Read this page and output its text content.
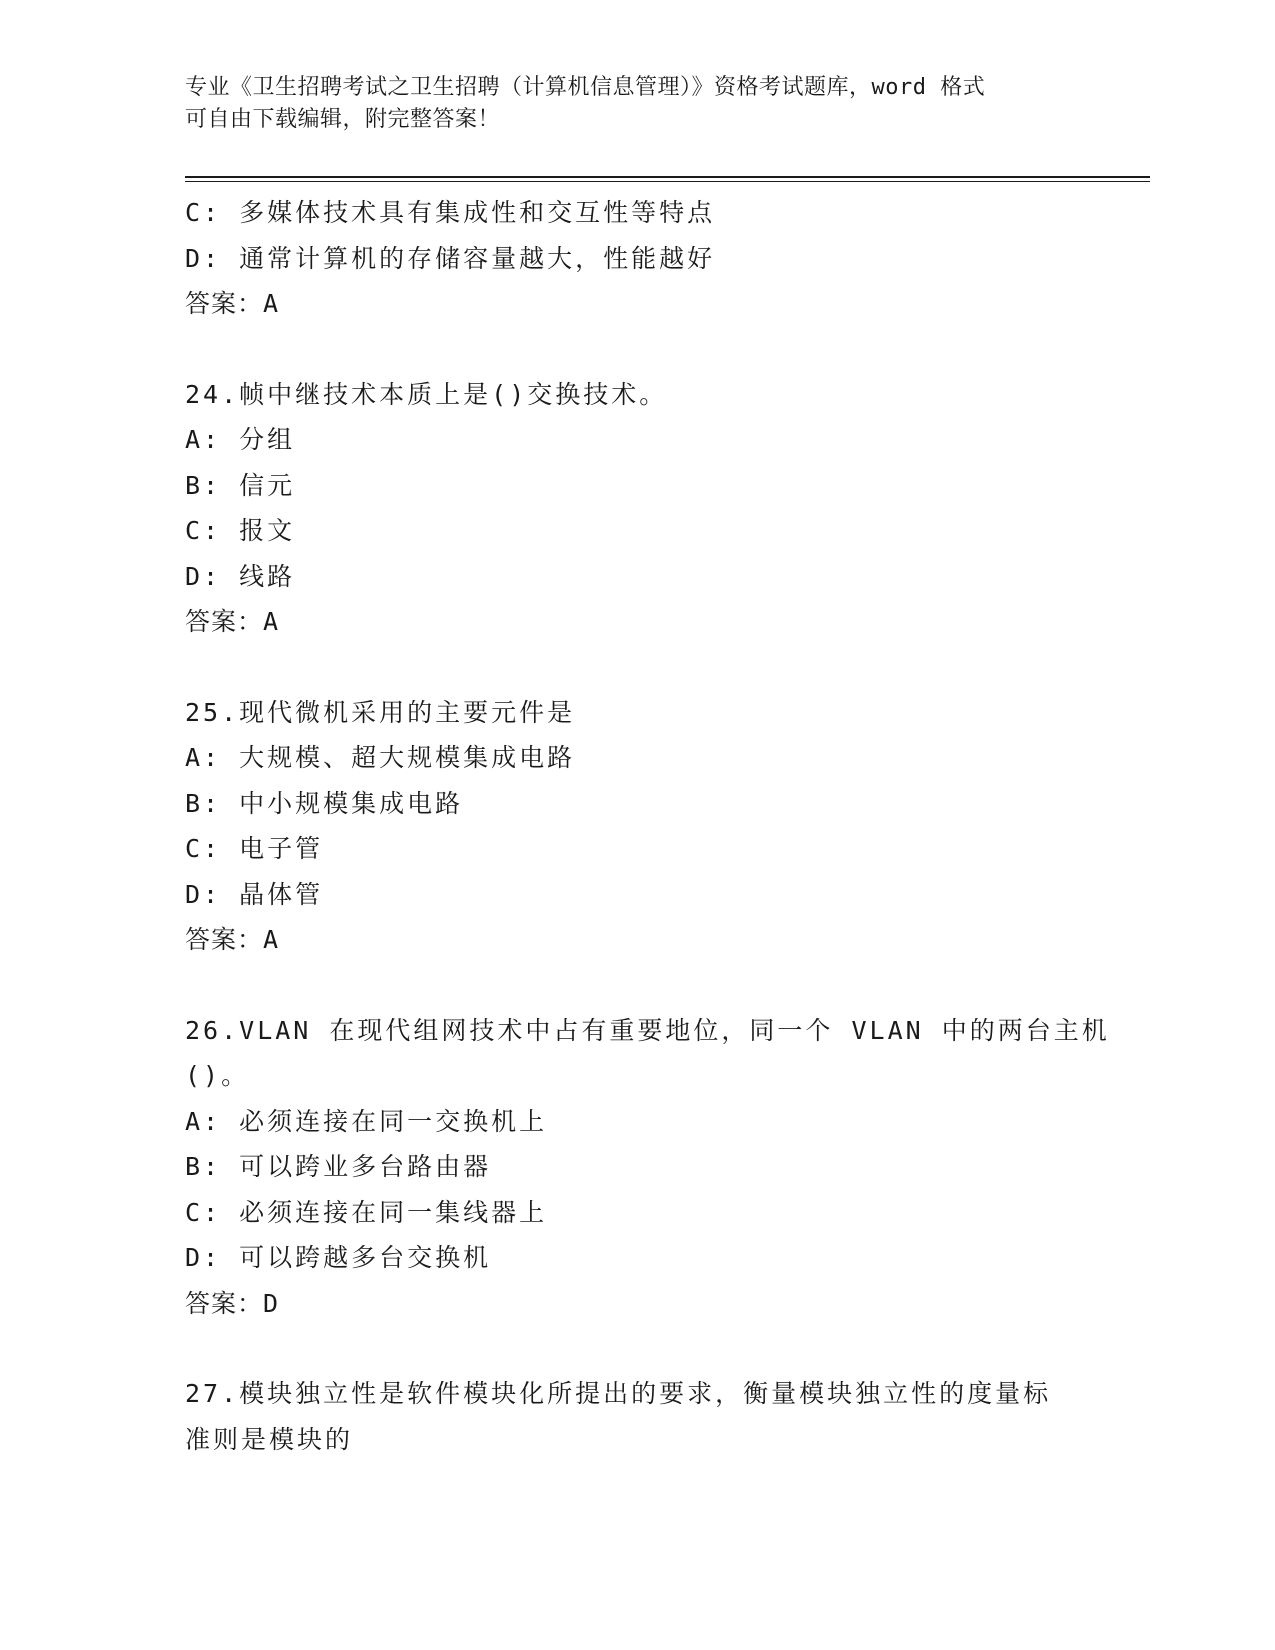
专业《卫生招聘考试之卫生招聘（计算机信息管理）》资格考试题库，word 格式
可自由下载编辑，附完整答案！
C: 多媒体技术具有集成性和交互性等特点
D: 通常计算机的存储容量越大，性能越好
答案：A
24.帧中继技术本质上是()交换技术。
A: 分组
B: 信元
C: 报文
D: 线路
答案：A
25.现代微机采用的主要元件是
A: 大规模、超大规模集成电路
B: 中小规模集成电路
C: 电子管
D: 晶体管
答案：A
26.VLAN 在现代组网技术中占有重要地位，同一个 VLAN 中的两台主机
()。
A: 必须连接在同一交换机上
B: 可以跨业多台路由器
C: 必须连接在同一集线器上
D: 可以跨越多台交换机
答案：D
27.模块独立性是软件模块化所提出的要求，衡量模块独立性的度量标
准则是模块的
